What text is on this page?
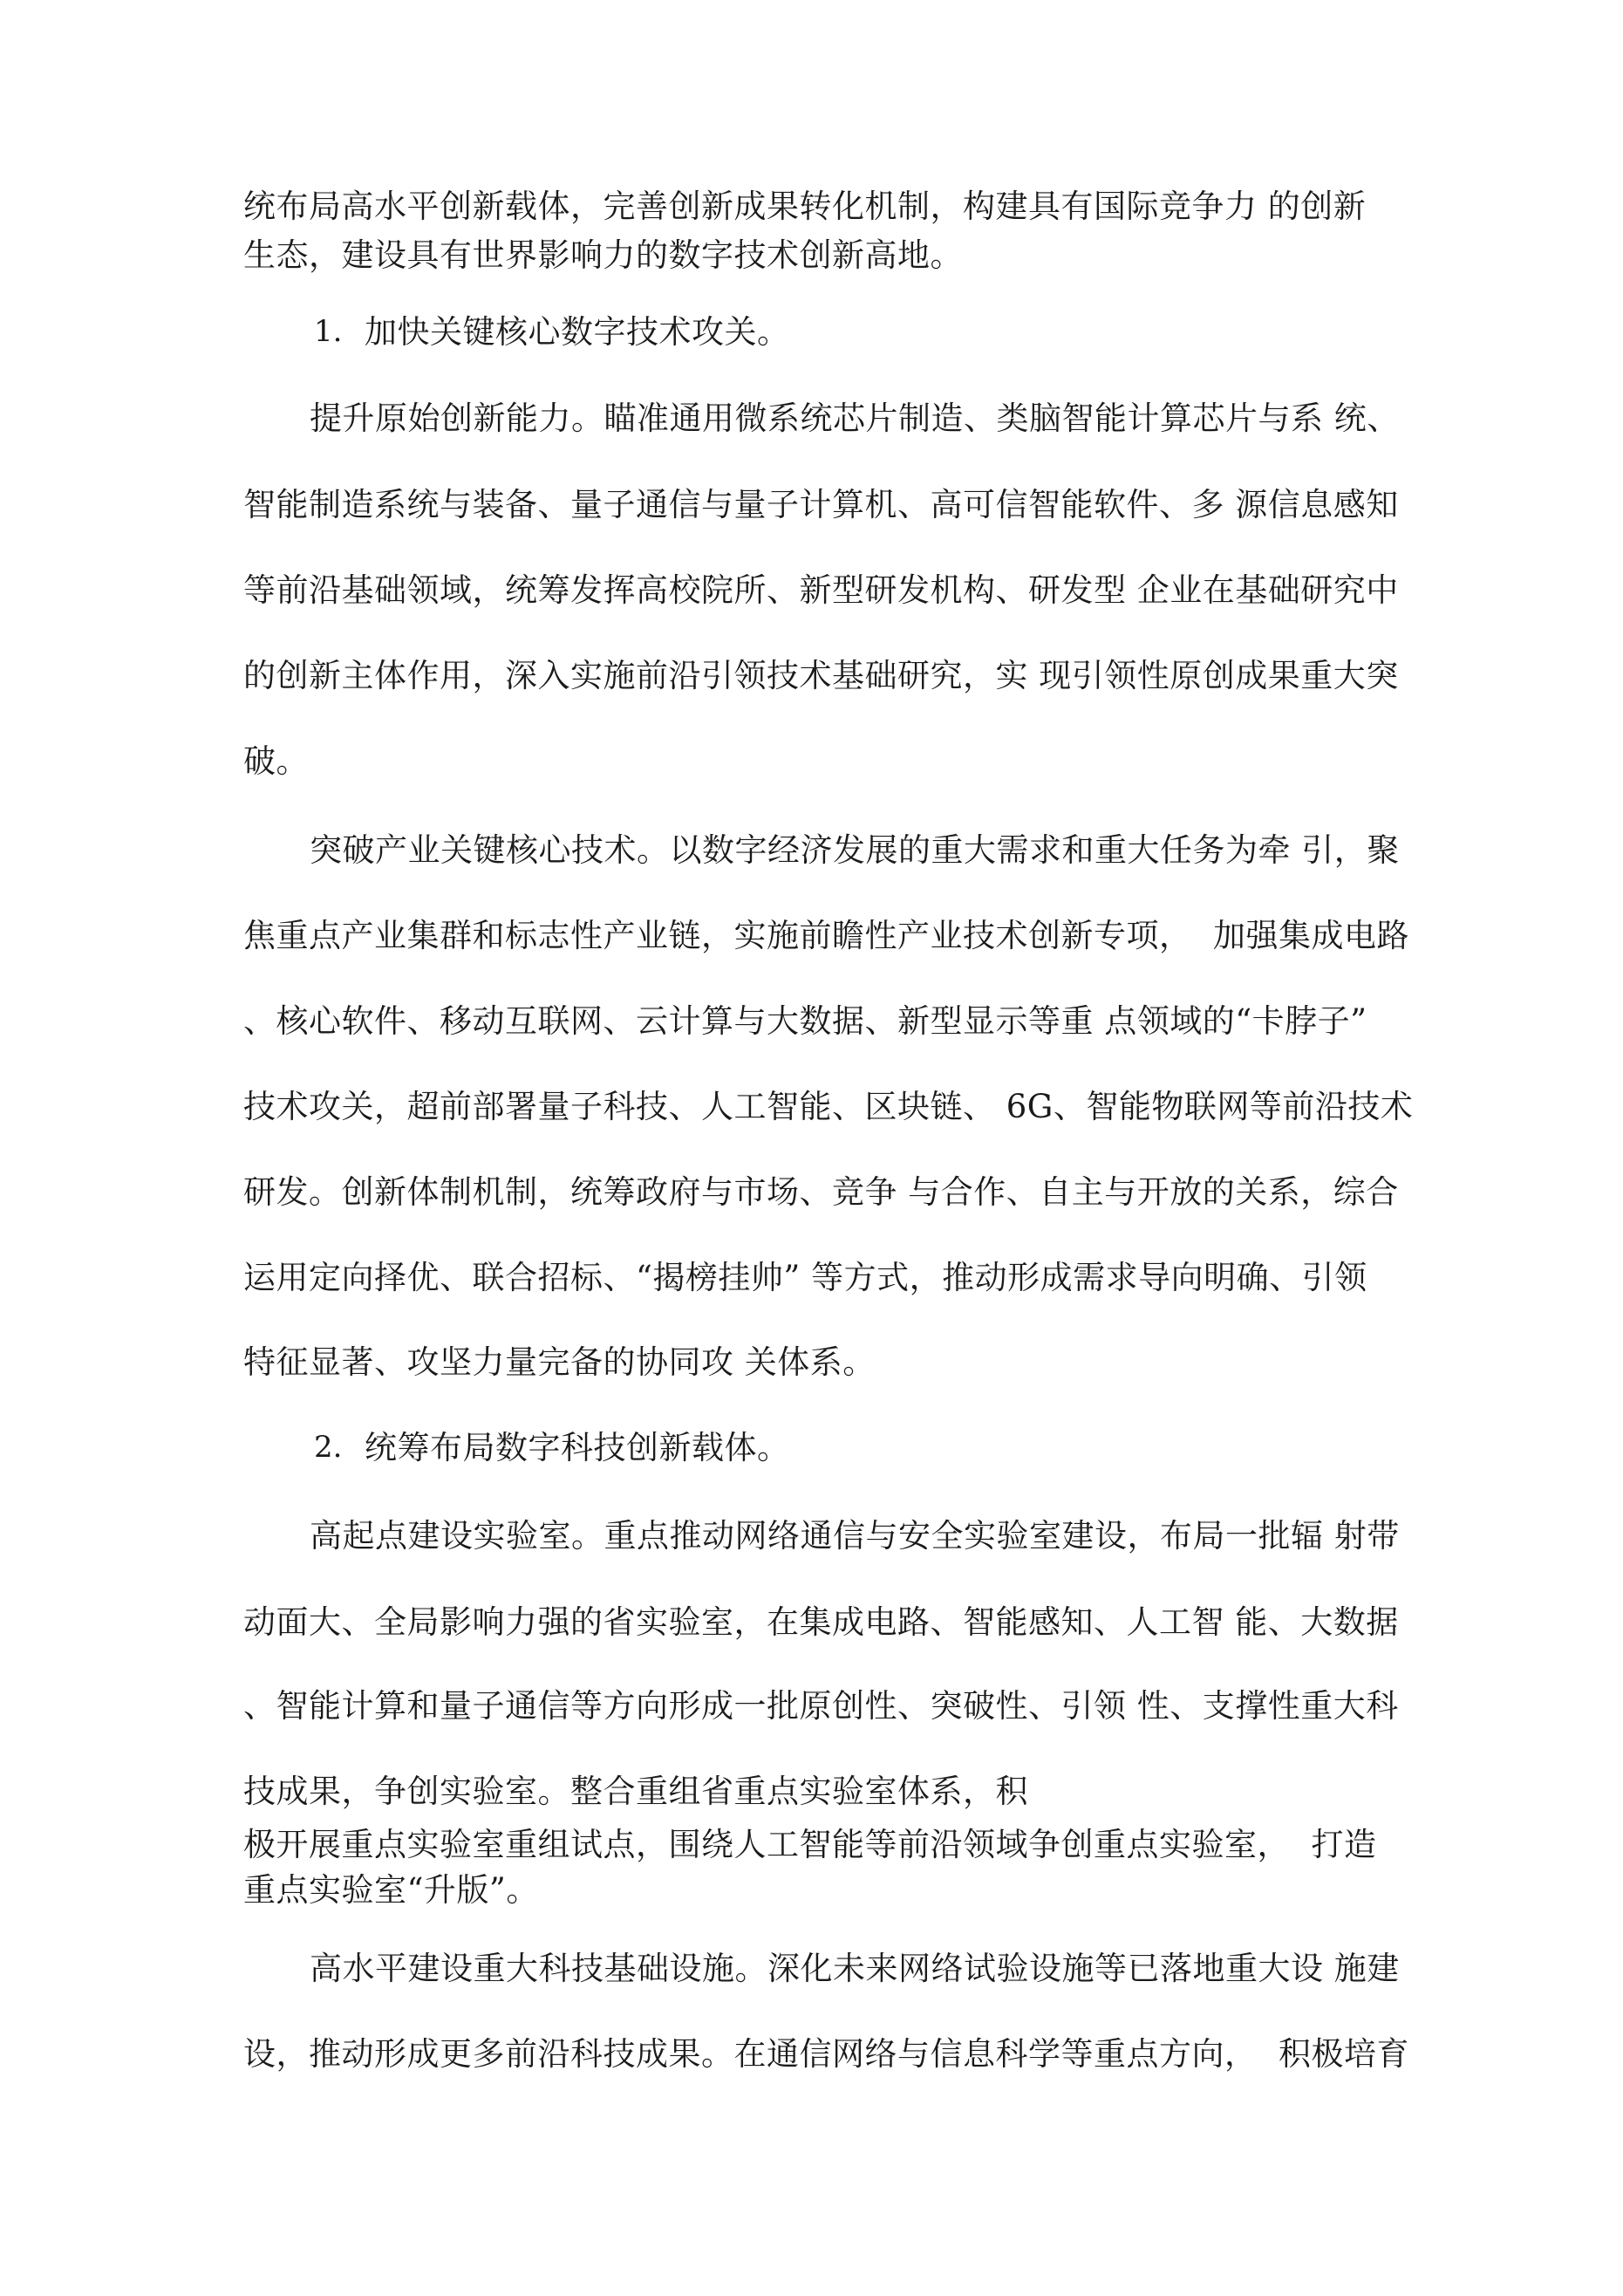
统布局高水平创新载体，完善创新成果转化机制，构建具有国际竞争力 的创新
生态，建设具有世界影响力的数字技术创新高地。
1. 加快关键核心数字技术攻关。
提升原始创新能力。瞄准通用微系统芯片制造、类脑智能计算芯片与系 统、
智能制造系统与装备、量子通信与量子计算机、高可信智能软件、多 源信息感知
等前沿基础领域，统筹发挥高校院所、新型研发机构、研发型 企业在基础研究中
的创新主体作用，深入实施前沿引领技术基础研究，实 现引领性原创成果重大突
破。
突破产业关键核心技术。以数字经济发展的重大需求和重大任务为牵 引，聚
焦重点产业集群和标志性产业链，实施前瞻性产业技术创新专项，  加强集成电路
、核心软件、移动互联网、云计算与大数据、新型显示等重 点领域的“卡脖子”
技术攻关，超前部署量子科技、人工智能、区块链、 6G、智能物联网等前沿技术
研发。创新体制机制，统筹政府与市场、竞争 与合作、自主与开放的关系，综合
运用定向择优、联合招标、“揭榜挂帅” 等方式，推动形成需求导向明确、引领
特征显著、攻坚力量完备的协同攻 关体系。
2. 统筹布局数字科技创新载体。
高起点建设实验室。重点推动网络通信与安全实验室建设，布局一批辐 射带
动面大、全局影响力强的省实验室，在集成电路、智能感知、人工智 能、大数据
、智能计算和量子通信等方向形成一批原创性、突破性、引领 性、支撑性重大科
技成果，争创实验室。整合重组省重点实验室体系，积
极开展重点实验室重组试点，围绕人工智能等前沿领域争创重点实验室，  打造
重点实验室“升版”。
高水平建设重大科技基础设施。深化未来网络试验设施等已落地重大设 施建
设，推动形成更多前沿科技成果。在通信网络与信息科学等重点方向，  积极培育
